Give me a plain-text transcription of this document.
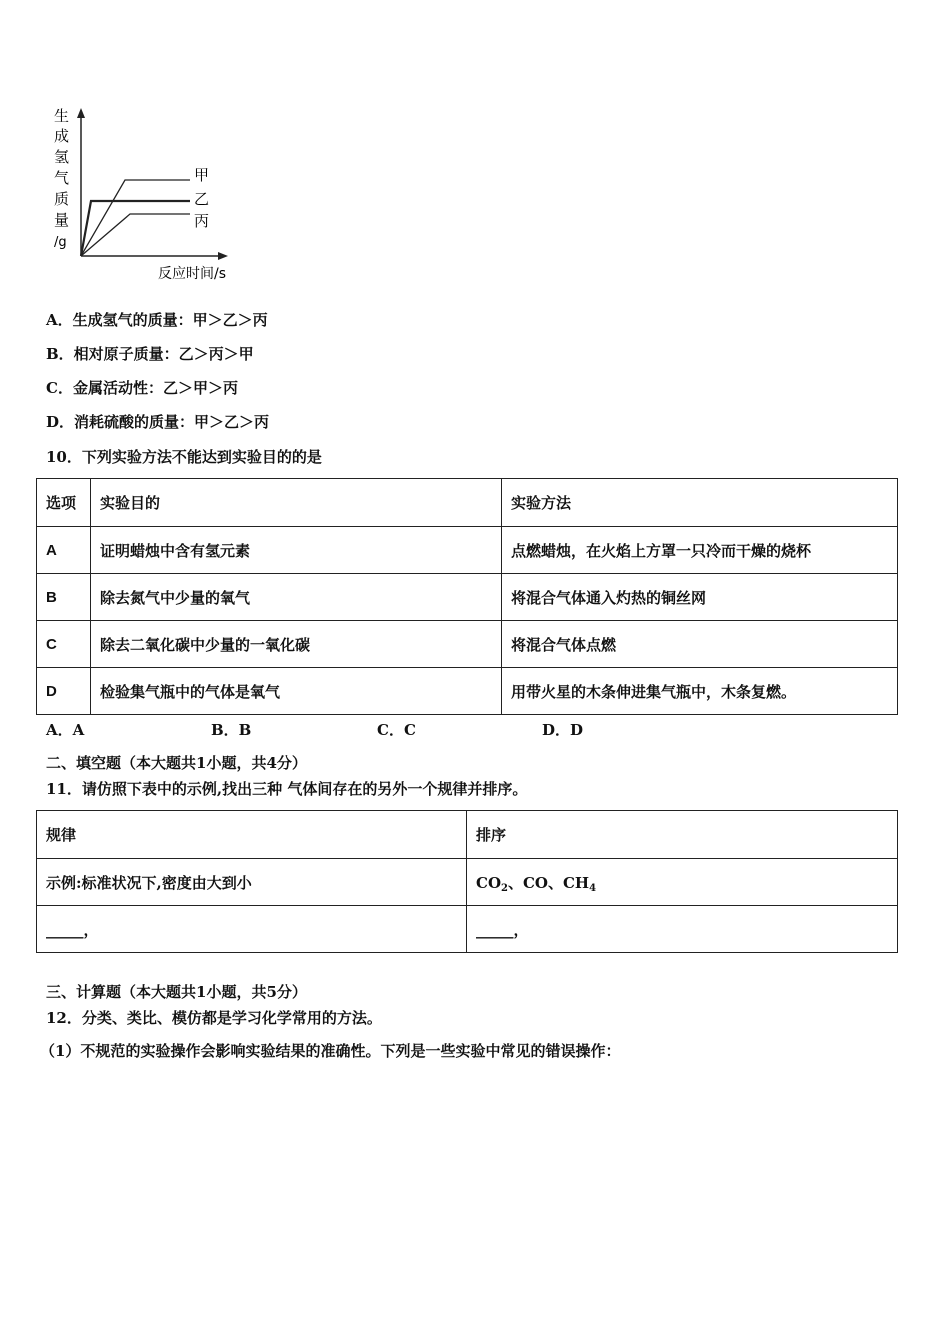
生
成
氢
气
质
量
/g
甲
乙
丙
反应时间/s
A．生成氢气的质量：甲＞乙＞丙
B．相对原子质量：乙＞丙＞甲
C．金属活动性：乙＞甲＞丙
D．消耗硫酸的质量：甲＞乙＞丙
10．下列实验方法不能达到实验目的的是
选项	实验目的	实验方法
A	证明蜡烛中含有氢元素	点燃蜡烛，在火焰上方罩一只冷而干燥的烧杯
B	除去氮气中少量的氧气	将混合气体通入灼热的铜丝网
C	除去二氧化碳中少量的一氧化碳	将混合气体点燃
D	检验集气瓶中的气体是氧气	用带火星的木条伸进集气瓶中，木条复燃。
A．A	B．B	C．C	D．D
二、填空题（本大题共1小题，共4分）
11．请仿照下表中的示例,找出三种 气体间存在的另外一个规律并排序。
规律	排序
示例:标准状况下,密度由大到小	$CO_2$、CO、$CH_4$
_____，	_____，
三、计算题（本大题共1小题，共5分）
12．分类、类比、模仿都是学习化学常用的方法。
（1）不规范的实验操作会影响实验结果的准确性。下列是一些实验中常见的错误操作：
